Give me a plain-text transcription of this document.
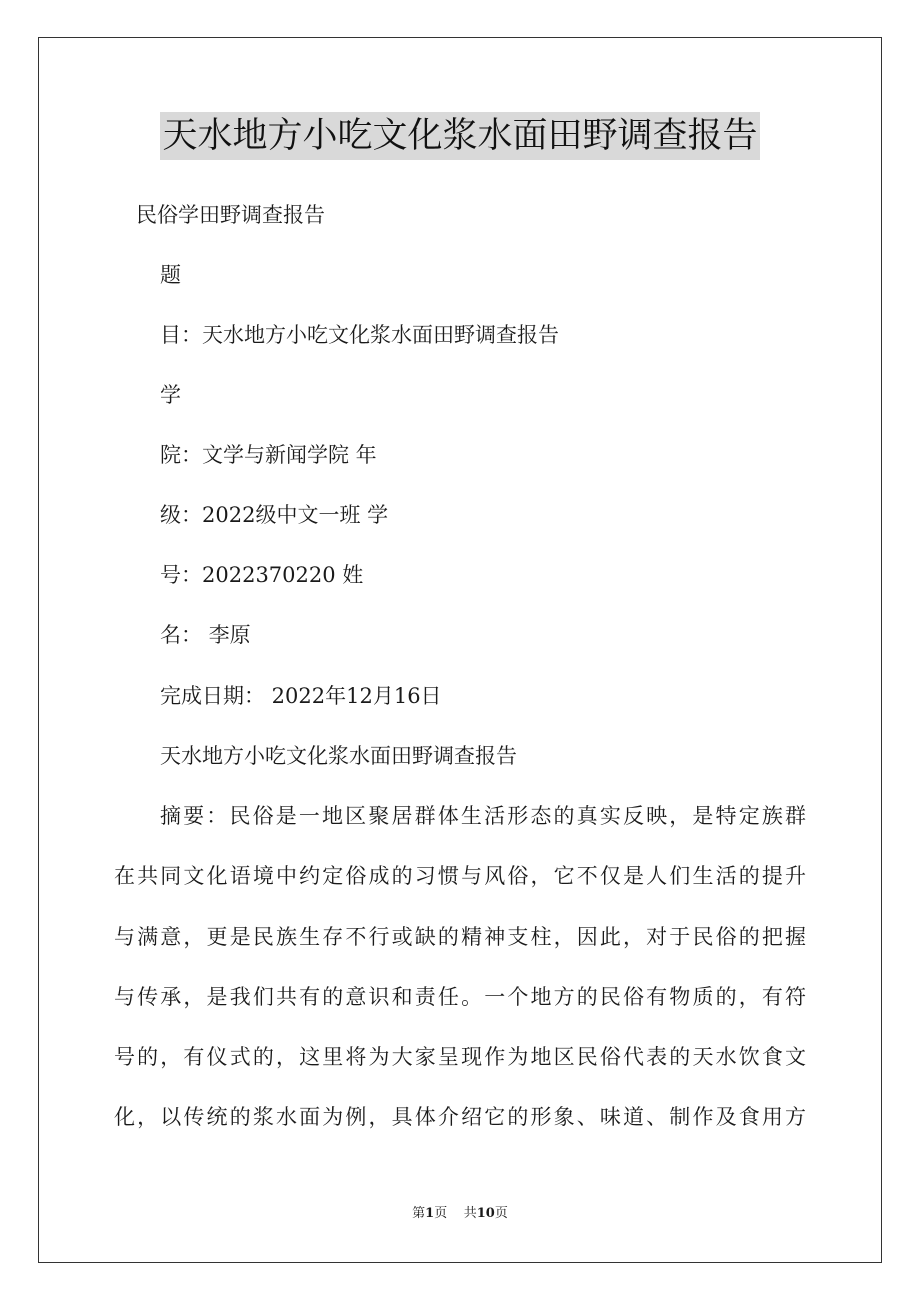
天水地方小吃文化浆水面田野调查报告
民俗学田野调查报告
题
目：天水地方小吃文化浆水面田野调查报告
学
院：文学与新闻学院 年
级：2022级中文一班 学
号：2022370220 姓
名： 李原
完成日期： 2022年12月16日
天水地方小吃文化浆水面田野调查报告
摘要：民俗是一地区聚居群体生活形态的真实反映，是特定族群
在共同文化语境中约定俗成的习惯与风俗，它不仅是人们生活的提升
与满意，更是民族生存不行或缺的精神支柱，因此，对于民俗的把握
与传承，是我们共有的意识和责任。一个地方的民俗有物质的，有符
号的，有仪式的，这里将为大家呈现作为地区民俗代表的天水饮食文
化，以传统的浆水面为例，具体介绍它的形象、味道、制作及食用方
第1页 共10页
